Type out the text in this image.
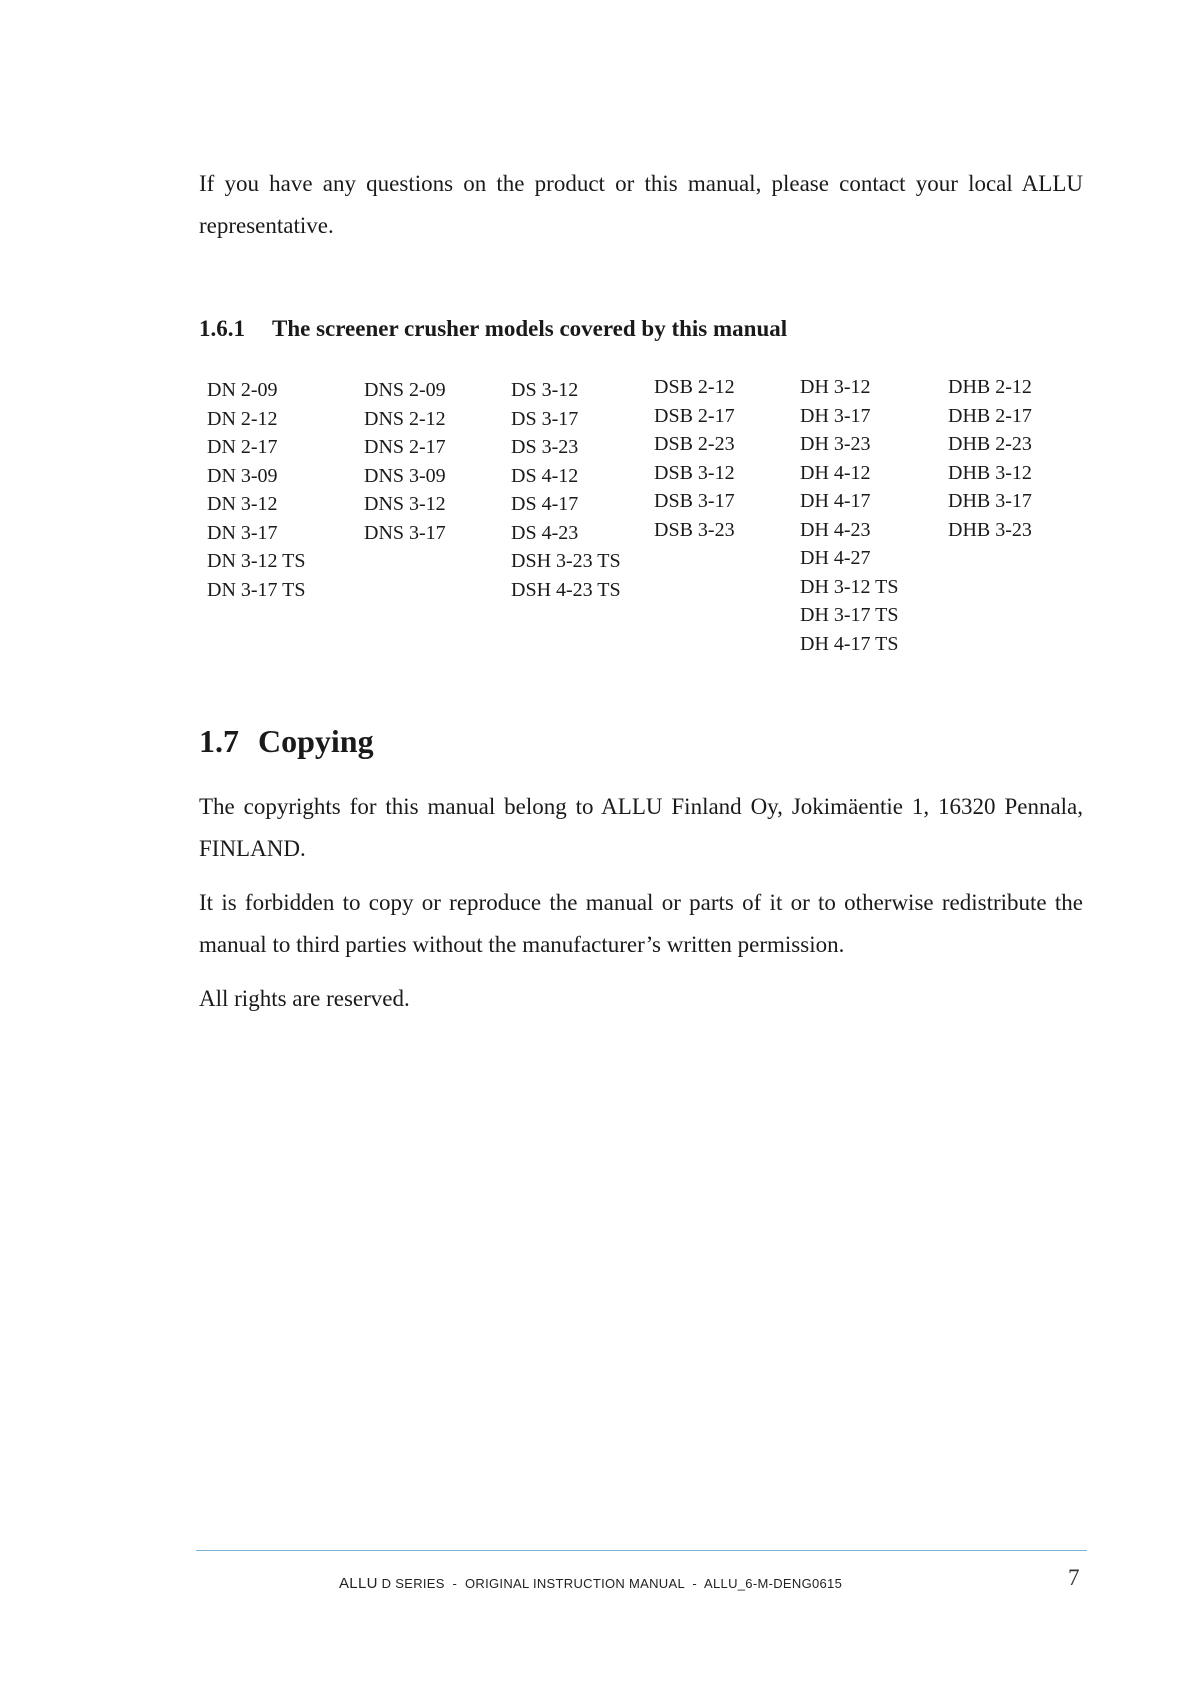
If you have any questions on the product or this manual, please contact your local ALLU representative.

1.6.1 The screener crusher models covered by this manual
DN 2-09
DN 2-12
DN 2-17
DN 3-09
DN 3-12
DN 3-17
DN 3-12 TS
DN 3-17 TS
DNS 2-09
DNS 2-12
DNS 2-17
DNS 3-09
DNS 3-12
DNS 3-17
DS 3-12
DS 3-17
DS 3-23
DS 4-12
DS 4-17
DS 4-23
DSH 3-23 TS
DSH 4-23 TS
DSB 2-12
DSB 2-17
DSB 2-23
DSB 3-12
DSB 3-17
DSB 3-23
DH 3-12
DH 3-17
DH 3-23
DH 4-12
DH 4-17
DH 4-23
DH 4-27
DH 3-12 TS
DH 3-17 TS
DH 4-17 TS
DHB 2-12
DHB 2-17
DHB 2-23
DHB 3-12
DHB 3-17
DHB 3-23
1.7 Copying

The copyrights for this manual belong to ALLU Finland Oy, Jokimäentie 1, 16320 Pennala, FINLAND.

It is forbidden to copy or reproduce the manual or parts of it or to otherwise redistribute the manual to third parties without the manufacturer’s written permission.

All rights are reserved.

ALLU D SERIES  -  ORIGINAL INSTRUCTION MANUAL  -  ALLU_6-M-DENG0615	7
